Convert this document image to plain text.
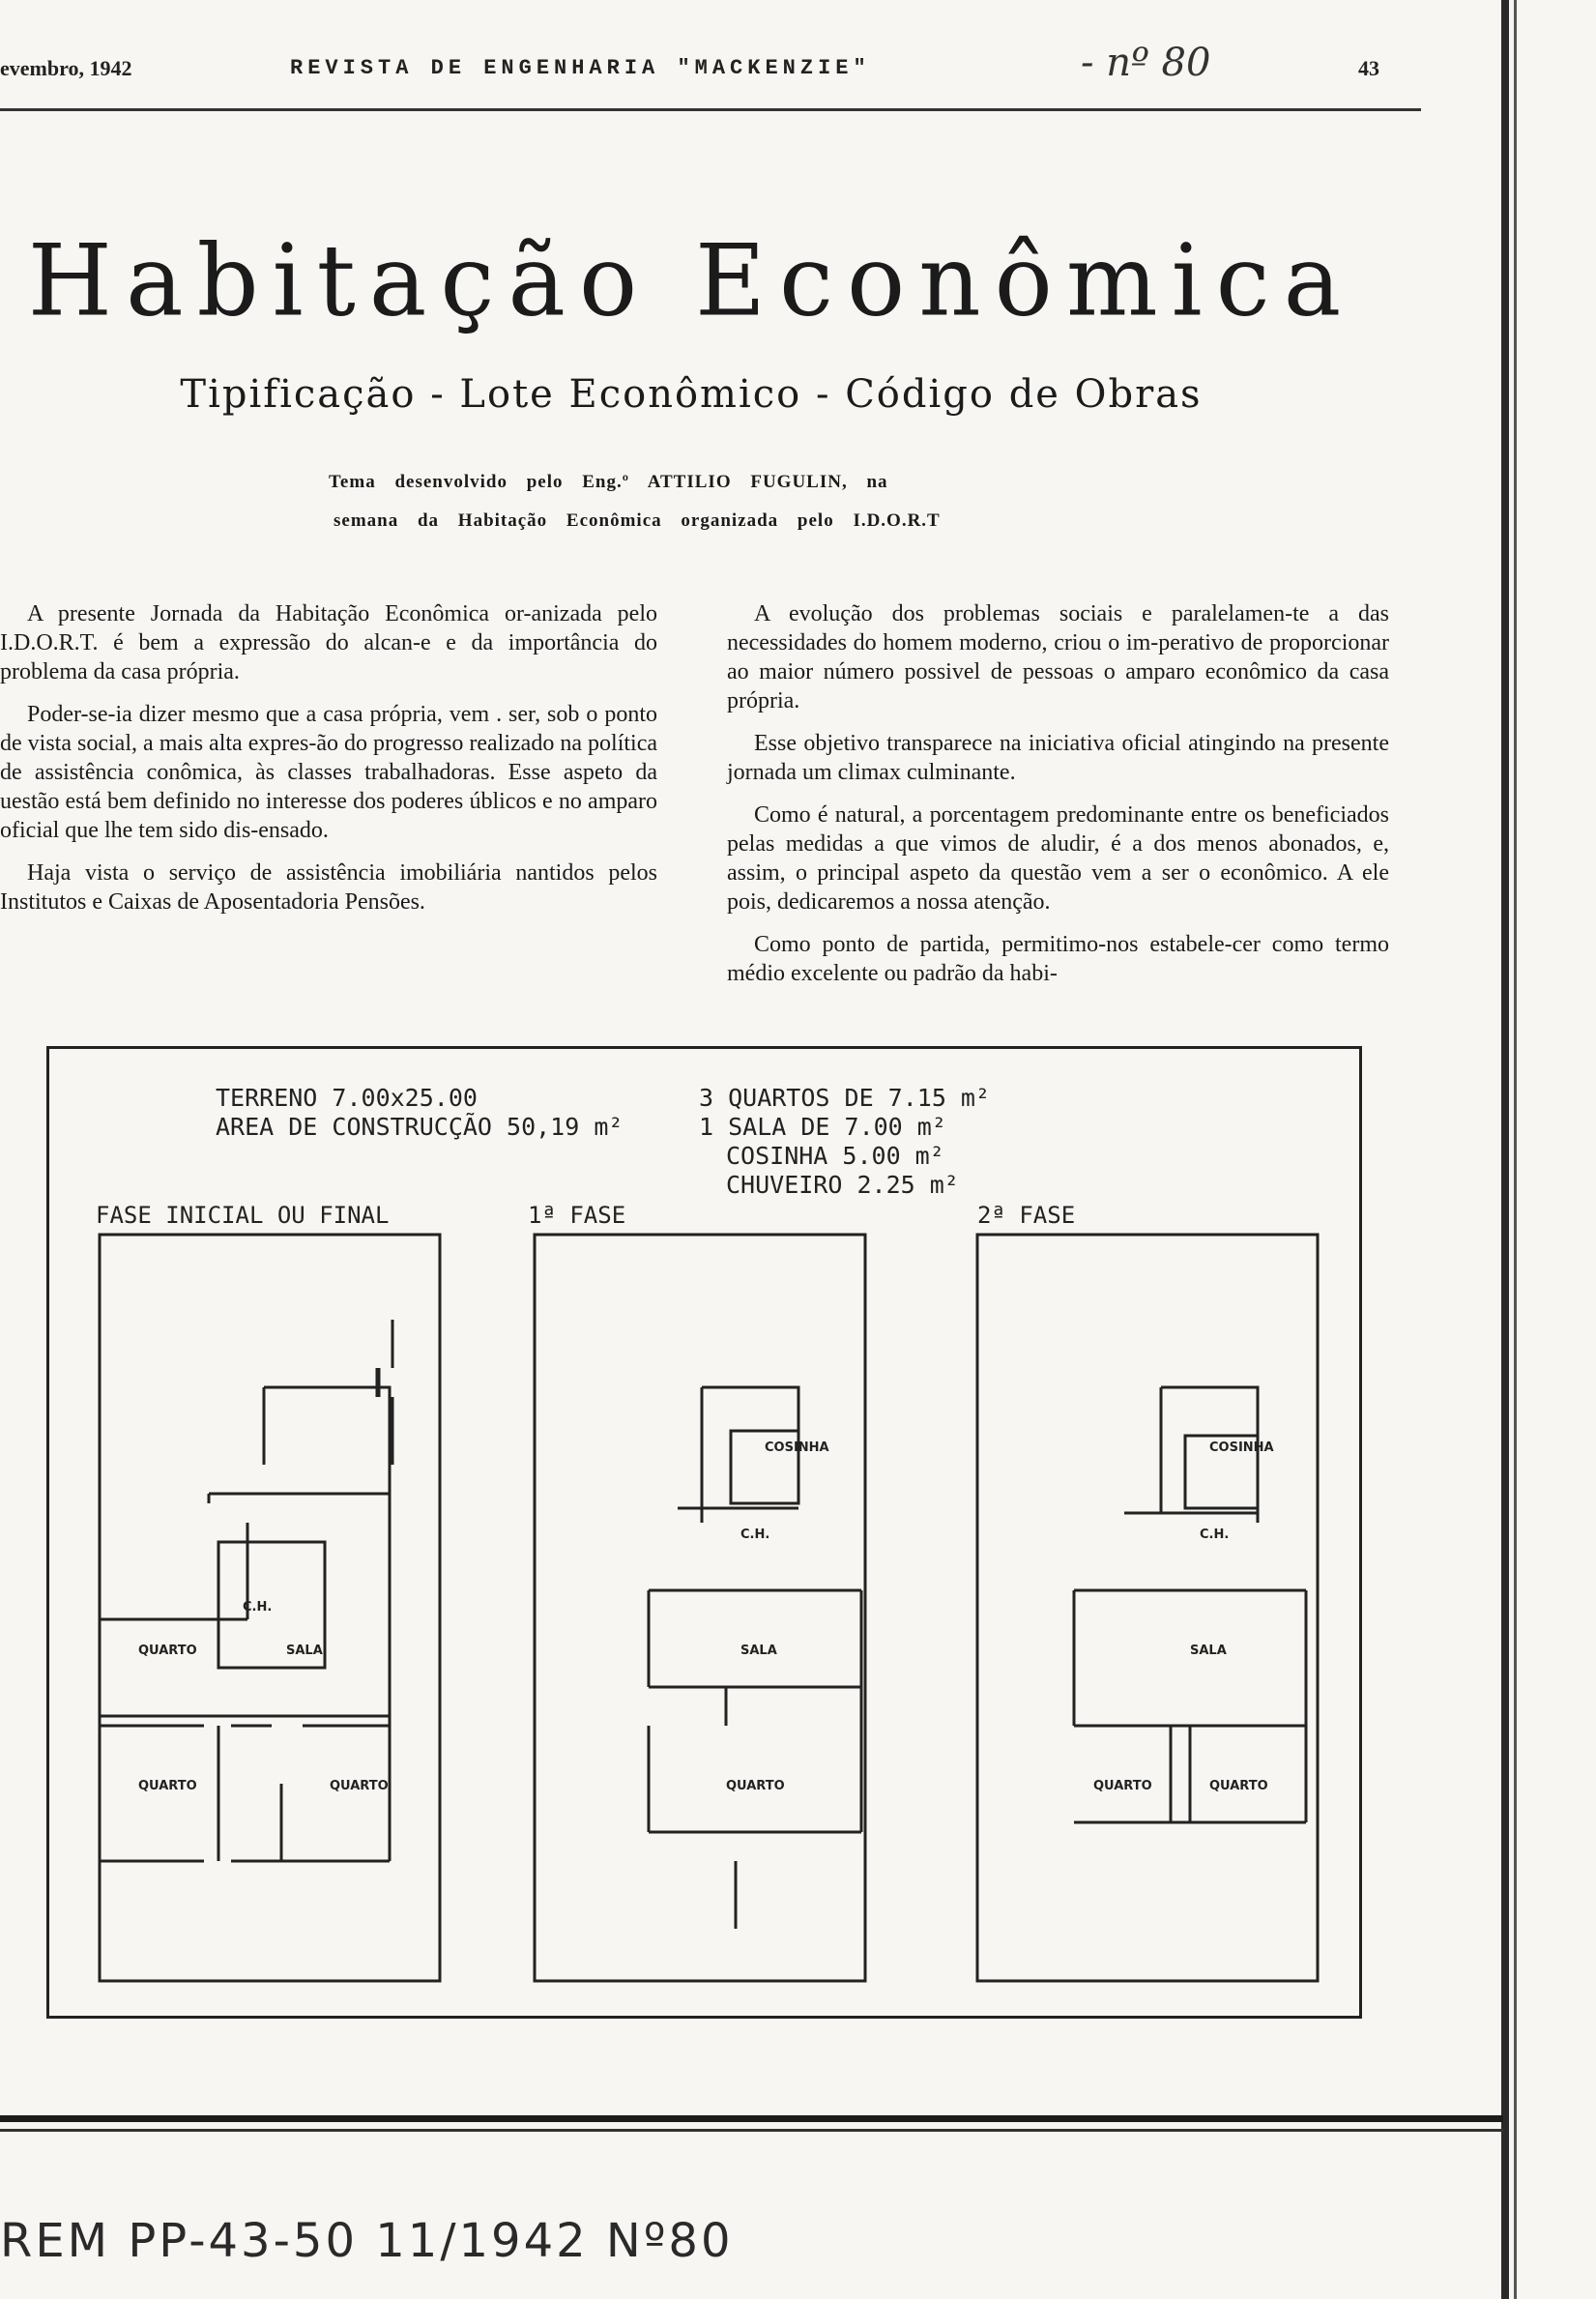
evembro, 1942	REVISTA DE ENGENHARIA "MACKENZIE"	- nº 80	43
Habitação Econômica
Tipificação - Lote Econômico - Código de Obras
Tema desenvolvido pelo Eng.º ATTILIO FUGULIN, na
semana da Habitação Econômica organizada pelo I.D.O.R.T

A presente Jornada da Habitação Econômica or-anizada pelo I.D.O.R.T. é bem a expressão do alcan-e e da importância do problema da casa própria.

Poder-se-ia dizer mesmo que a casa própria, vem . ser, sob o ponto de vista social, a mais alta expres-ão do progresso realizado na política de assistência conômica, às classes trabalhadoras. Esse aspeto da uestão está bem definido no interesse dos poderes úblicos e no amparo oficial que lhe tem sido dis-ensado.

Haja vista o serviço de assistência imobiliária nantidos pelos Institutos e Caixas de Aposentadoria Pensões.

A evolução dos problemas sociais e paralelamen-te a das necessidades do homem moderno, criou o im-perativo de proporcionar ao maior número possivel de pessoas o amparo econômico da casa própria.

Esse objetivo transparece na iniciativa oficial atingindo na presente jornada um climax culminante.

Como é natural, a porcentagem predominante entre os beneficiados pelas medidas a que vimos de aludir, é a dos menos abonados, e, assim, o principal aspeto da questão vem a ser o econômico. A ele pois, dedicaremos a nossa atenção.

Como ponto de partida, permitimo-nos estabele-cer como termo médio excelente ou padrão da habi-

TERRENO 7.00x25.00
AREA DE CONSTRUCÇÃO 50,19 m²
3 QUARTOS DE 7.15 m²
1 SALA DE 7.00 m²
COSINHA 5.00 m²
CHUVEIRO 2.25 m²
FASE INICIAL OU FINAL	1ª FASE	2ª FASE
QUARTO	SALA
QUARTO	QUARTO
C.H.
COSINHA
C.H.
SALA
QUARTO
COSINHA
C.H.
SALA
QUARTO	QUARTO
REM PP-43-50 11/1942 Nº80
